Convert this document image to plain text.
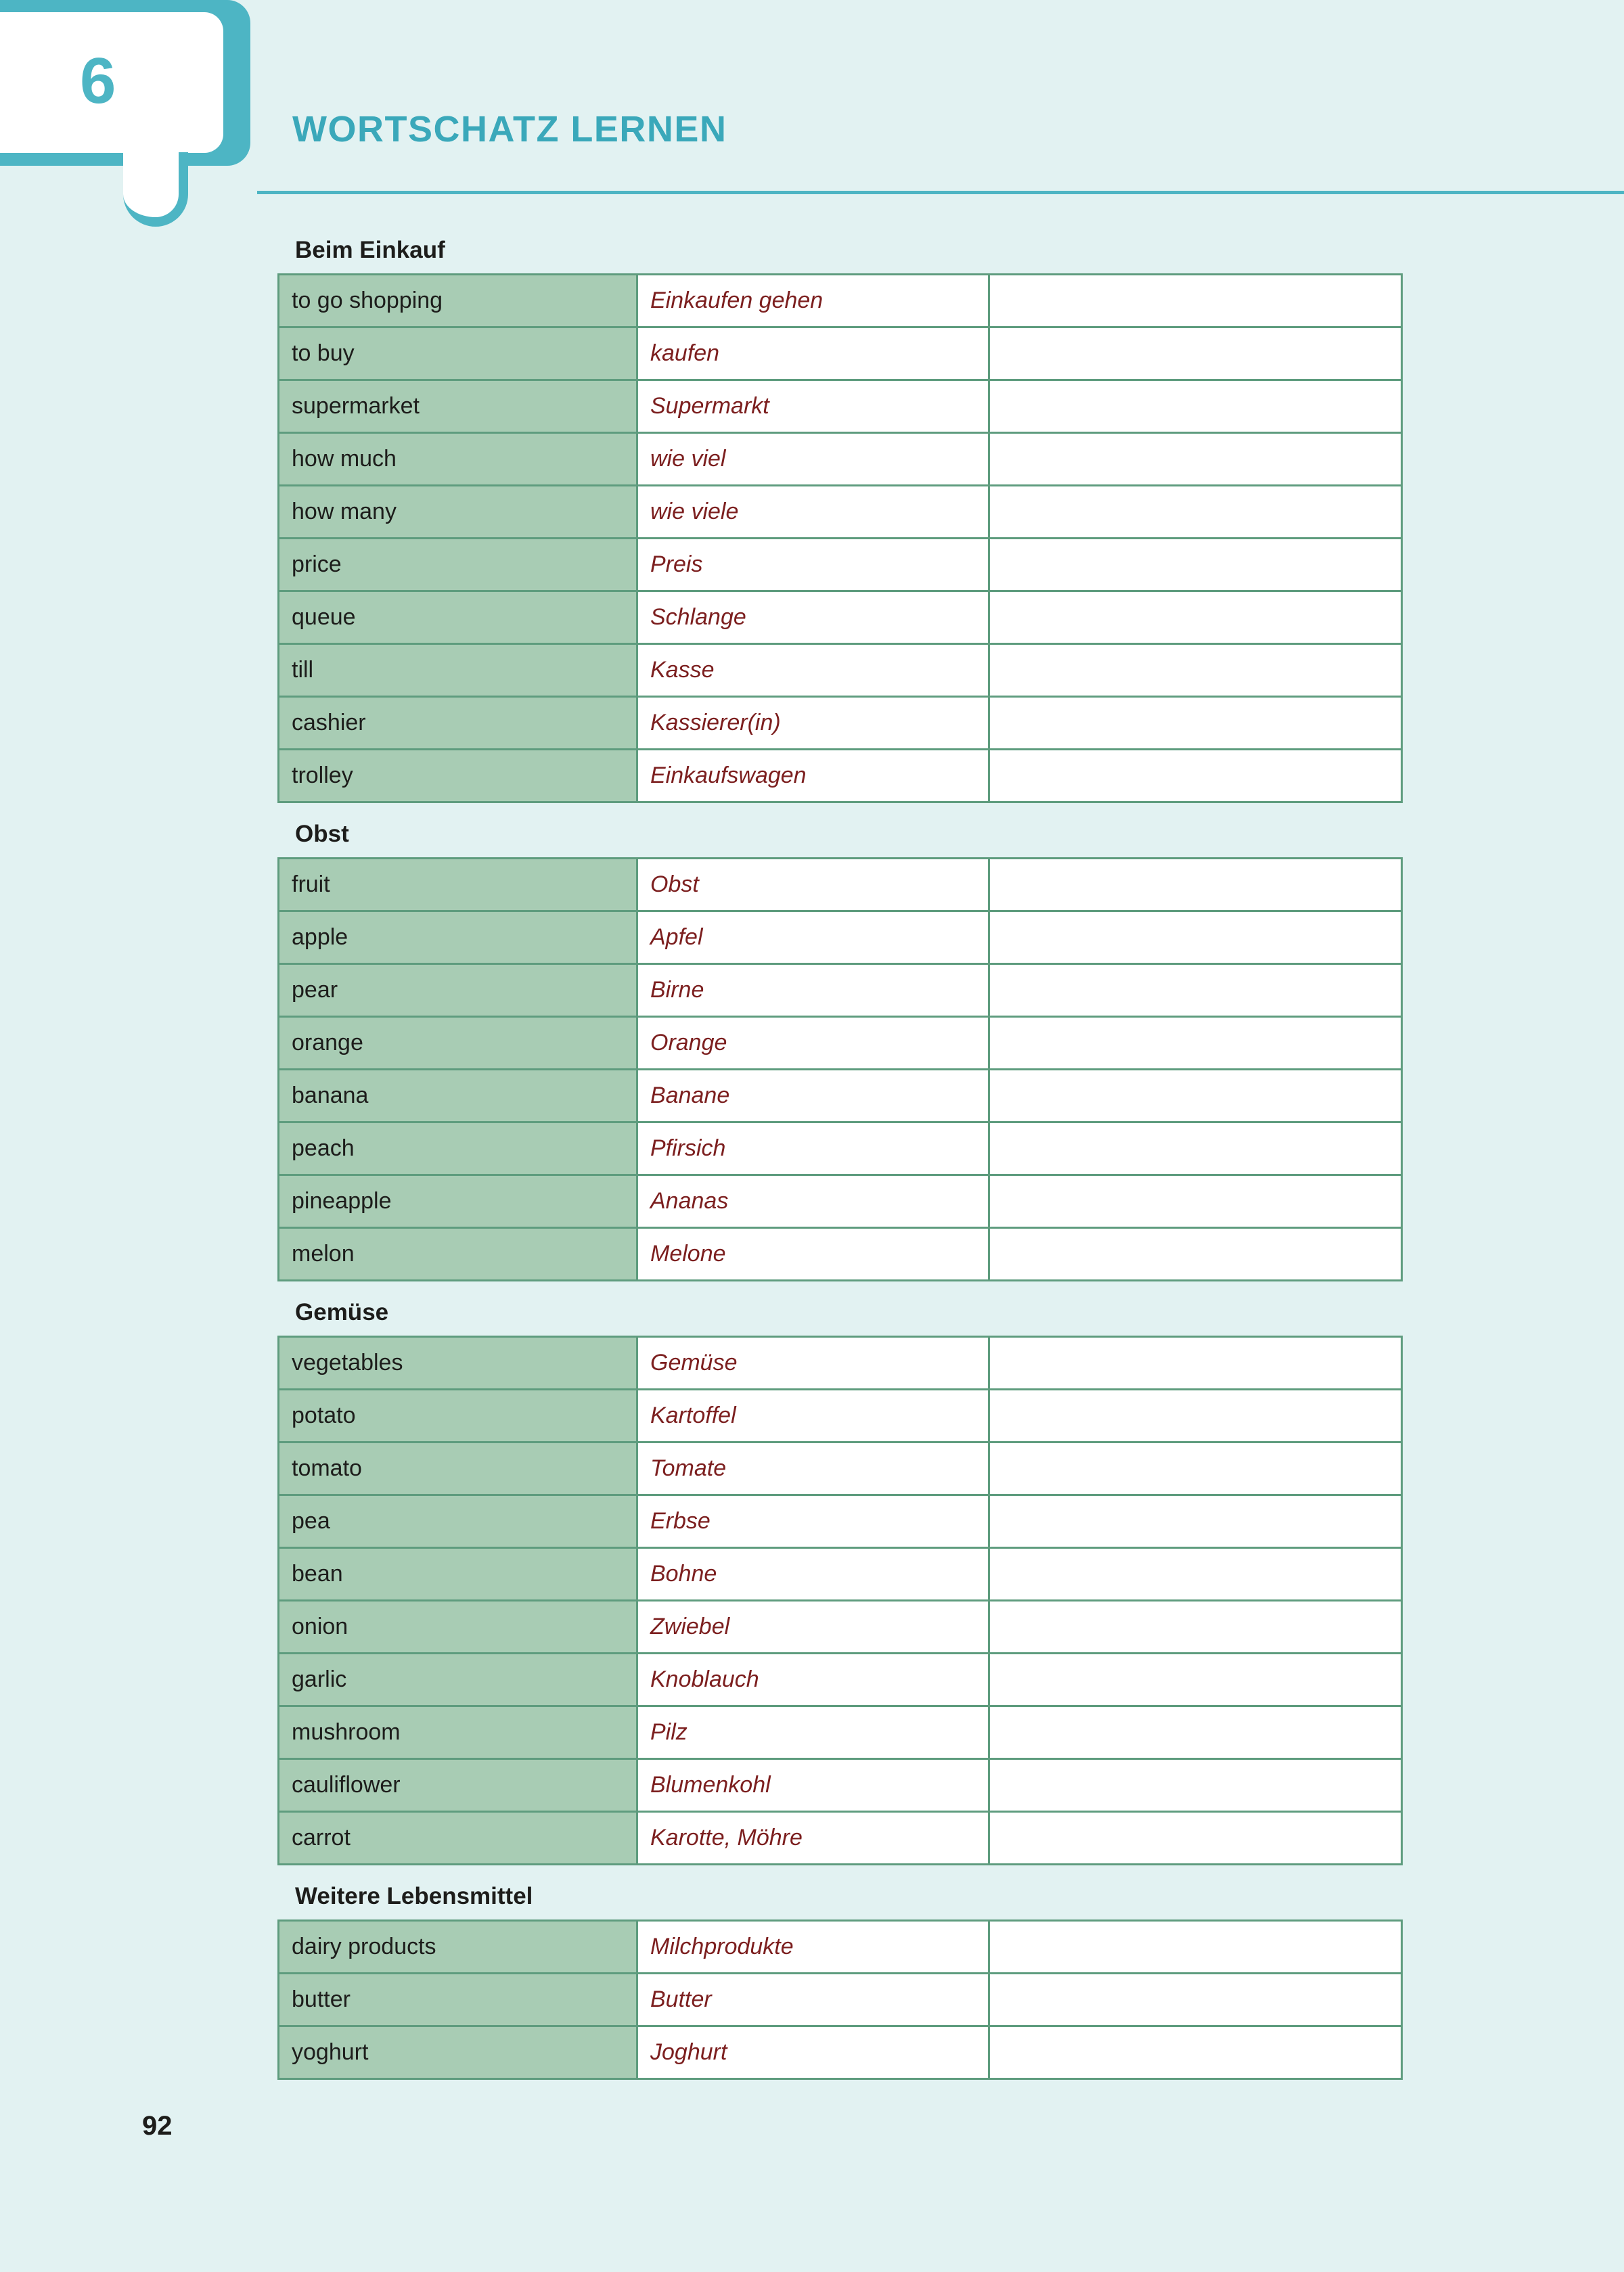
6
WORTSCHATZ LERNEN
Beim Einkauf
to go shopping	Einkaufen gehen	
to buy	kaufen	
supermarket	Supermarkt	
how much	wie viel	
how many	wie viele	
price	Preis	
queue	Schlange	
till	Kasse	
cashier	Kassierer(in)	
trolley	Einkaufswagen	
Obst
fruit	Obst	
apple	Apfel	
pear	Birne	
orange	Orange	
banana	Banane	
peach	Pfirsich	
pineapple	Ananas	
melon	Melone	
Gemüse
vegetables	Gemüse	
potato	Kartoffel	
tomato	Tomate	
pea	Erbse	
bean	Bohne	
onion	Zwiebel	
garlic	Knoblauch	
mushroom	Pilz	
cauliflower	Blumenkohl	
carrot	Karotte, Möhre	
Weitere Lebensmittel
dairy products	Milchprodukte	
butter	Butter	
yoghurt	Joghurt	
92
